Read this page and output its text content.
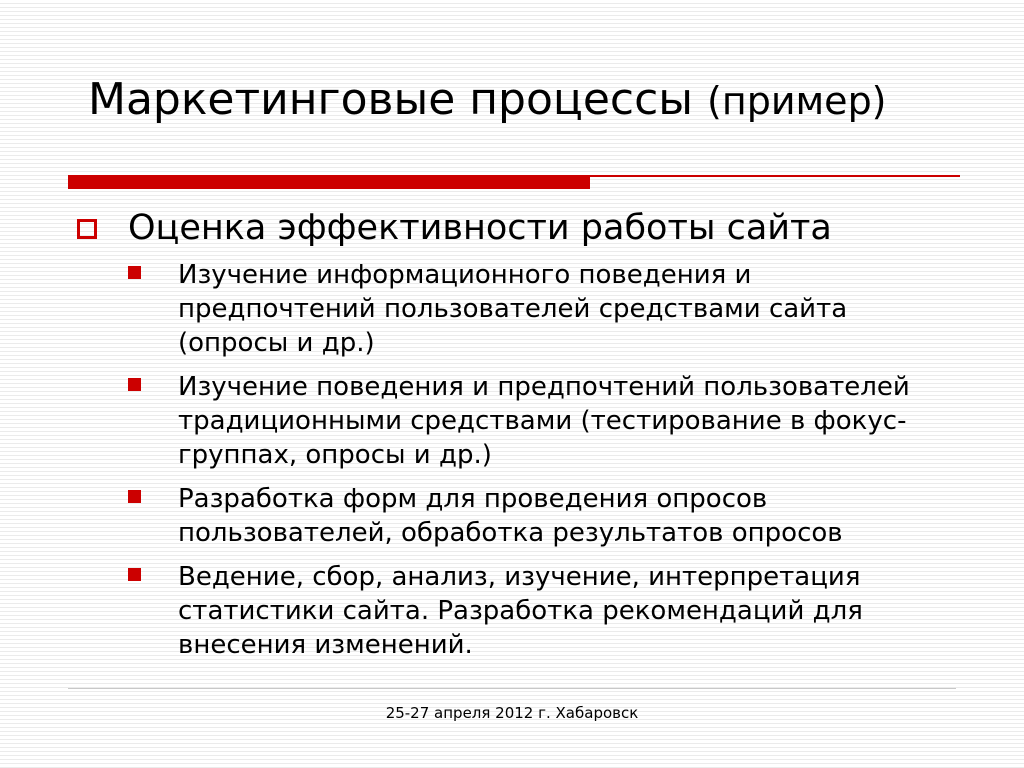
Маркетинговые процессы (пример)
Оценка эффективности работы сайта
Изучение информационного поведения и предпочтений пользователей средствами сайта (опросы и др.)
Изучение поведения и предпочтений пользователей традиционными средствами (тестирование в фокус-группах, опросы и др.)
Разработка форм для проведения опросов пользователей, обработка результатов опросов
Ведение, сбор, анализ, изучение, интерпретация статистики сайта. Разработка рекомендаций для внесения изменений.
25-27 апреля 2012 г. Хабаровск
